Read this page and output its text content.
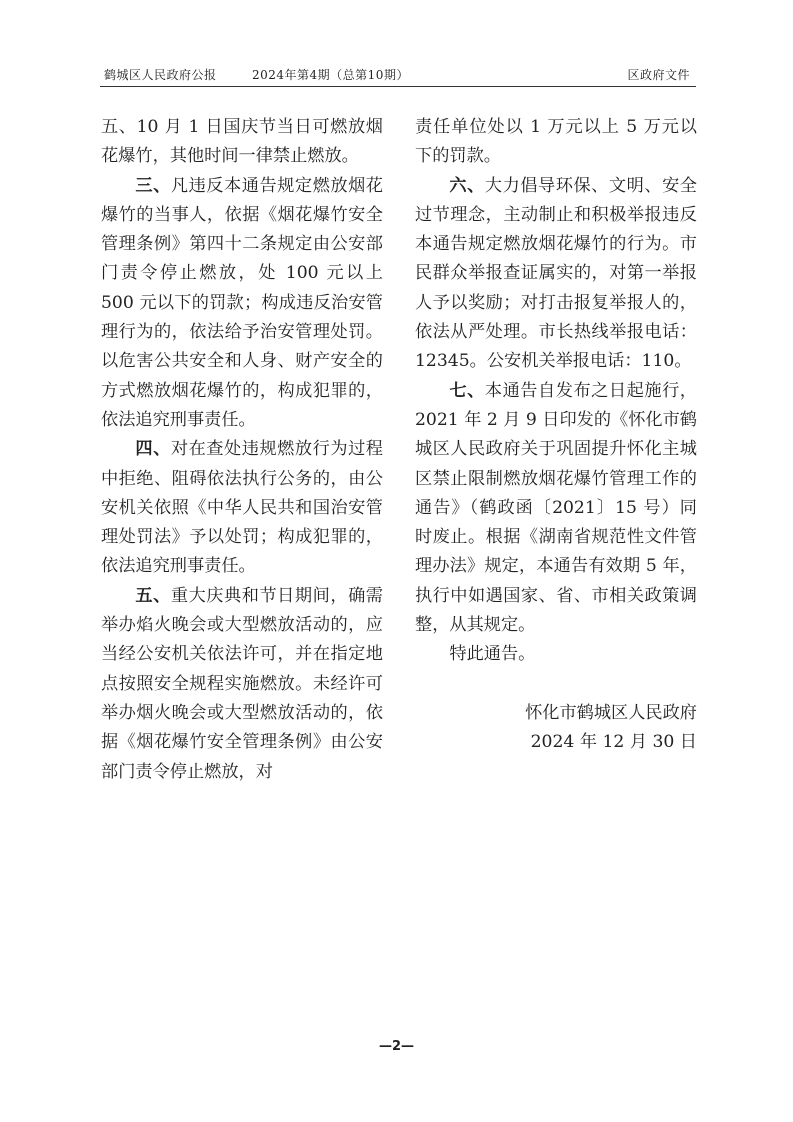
鹤城区人民政府公报	2024年第4期（总第10期）	区政府文件

五、10 月 1 日国庆节当日可燃放烟花爆竹，其他时间一律禁止燃放。

三、凡违反本通告规定燃放烟花爆竹的当事人，依据《烟花爆竹安全管理条例》第四十二条规定由公安部门责令停止燃放，处 100 元以上 500 元以下的罚款；构成违反治安管理行为的，依法给予治安管理处罚。以危害公共安全和人身、财产安全的方式燃放烟花爆竹的，构成犯罪的，依法追究刑事责任。

四、对在查处违规燃放行为过程中拒绝、阻碍依法执行公务的，由公安机关依照《中华人民共和国治安管理处罚法》予以处罚；构成犯罪的，依法追究刑事责任。

五、重大庆典和节日期间，确需举办焰火晚会或大型燃放活动的，应当经公安机关依法许可，并在指定地点按照安全规程实施燃放。未经许可举办烟火晚会或大型燃放活动的，依据《烟花爆竹安全管理条例》由公安部门责令停止燃放，对

责任单位处以 1 万元以上 5 万元以下的罚款。

六、大力倡导环保、文明、安全过节理念，主动制止和积极举报违反本通告规定燃放烟花爆竹的行为。市民群众举报查证属实的，对第一举报人予以奖励；对打击报复举报人的，依法从严处理。市长热线举报电话：12345。公安机关举报电话：110。

七、本通告自发布之日起施行，2021 年 2 月 9 日印发的《怀化市鹤城区人民政府关于巩固提升怀化主城区禁止限制燃放烟花爆竹管理工作的通告》（鹤政函〔2021〕15 号）同时废止。根据《湖南省规范性文件管理办法》规定，本通告有效期 5 年，执行中如遇国家、省、市相关政策调整，从其规定。

特此通告。

怀化市鹤城区人民政府

2024 年 12 月 30 日

—2—
